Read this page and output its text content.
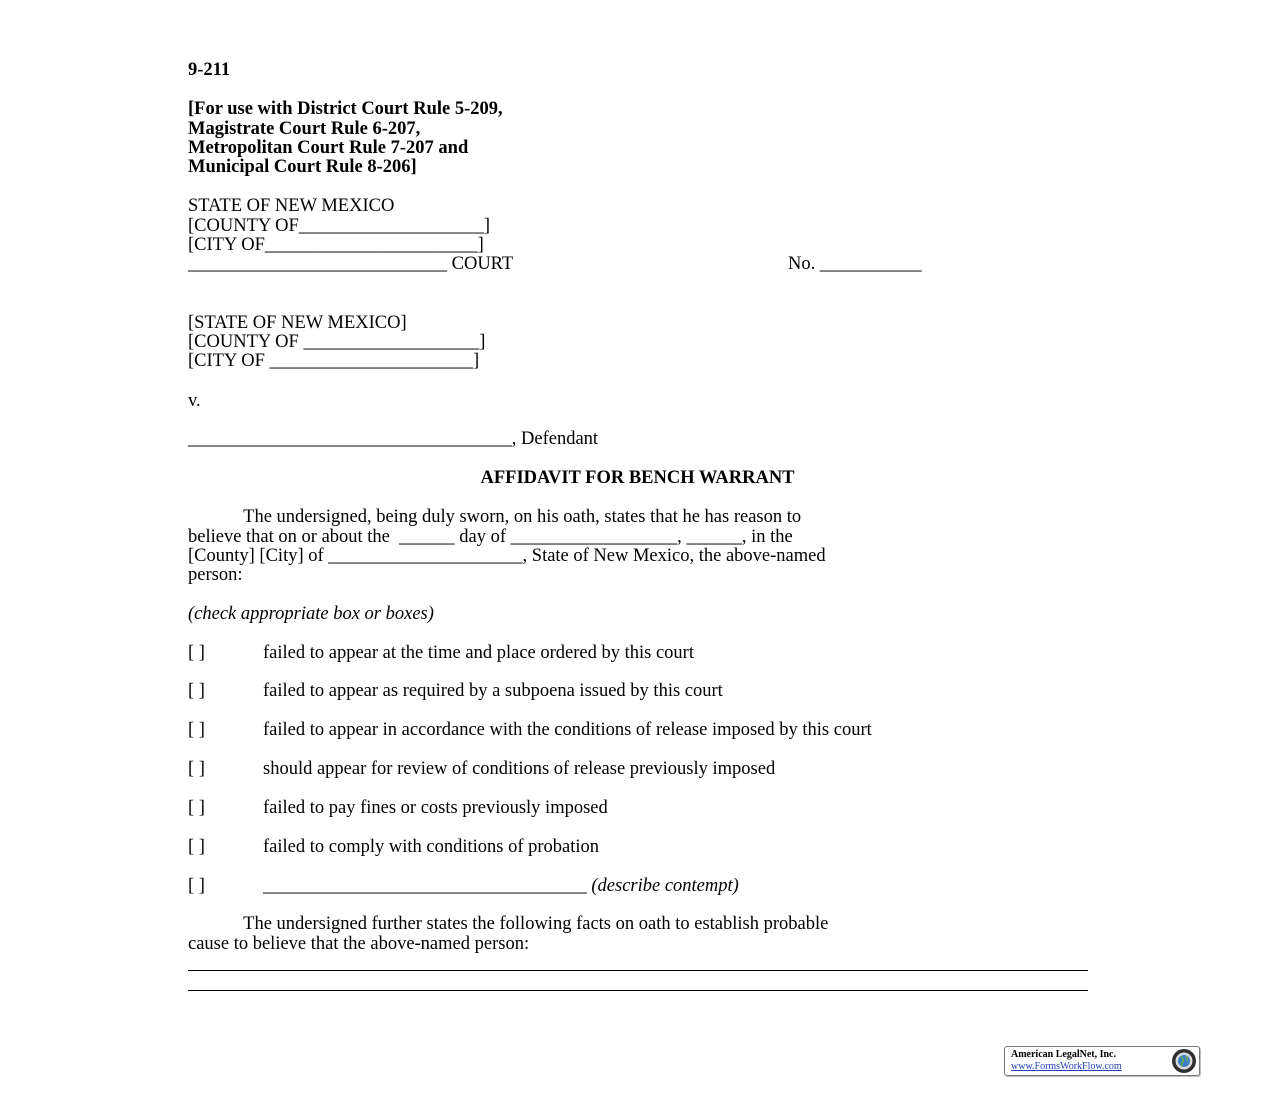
9-211
[For use with District Court Rule 5-209,
Magistrate Court Rule 6-207,
Metropolitan Court Rule 7-207 and
Municipal Court Rule 8-206]
STATE OF NEW MEXICO
[COUNTY OF____________________]
[CITY OF_______________________]
____________________________ COURT	No. ___________
[STATE OF NEW MEXICO]
[COUNTY OF ___________________]
[CITY OF ______________________]
v.
___________________________________, Defendant
AFFIDAVIT FOR BENCH WARRANT
The undersigned, being duly sworn, on his oath, states that he has reason to
believe that on or about the  ______ day of __________________, ______, in the
[County] [City] of _____________________, State of New Mexico, the above-named
person:
(check appropriate box or boxes)
[ ]	failed to appear at the time and place ordered by this court
[ ]	failed to appear as required by a subpoena issued by this court
[ ]	failed to appear in accordance with the conditions of release imposed by this court
[ ]	should appear for review of conditions of release previously imposed
[ ]	failed to pay fines or costs previously imposed
[ ]	failed to comply with conditions of probation
[ ]	___________________________________ (describe contempt)
The undersigned further states the following facts on oath to establish probable
cause to believe that the above-named person:
American LegalNet, Inc.
www.FormsWorkFlow.com
